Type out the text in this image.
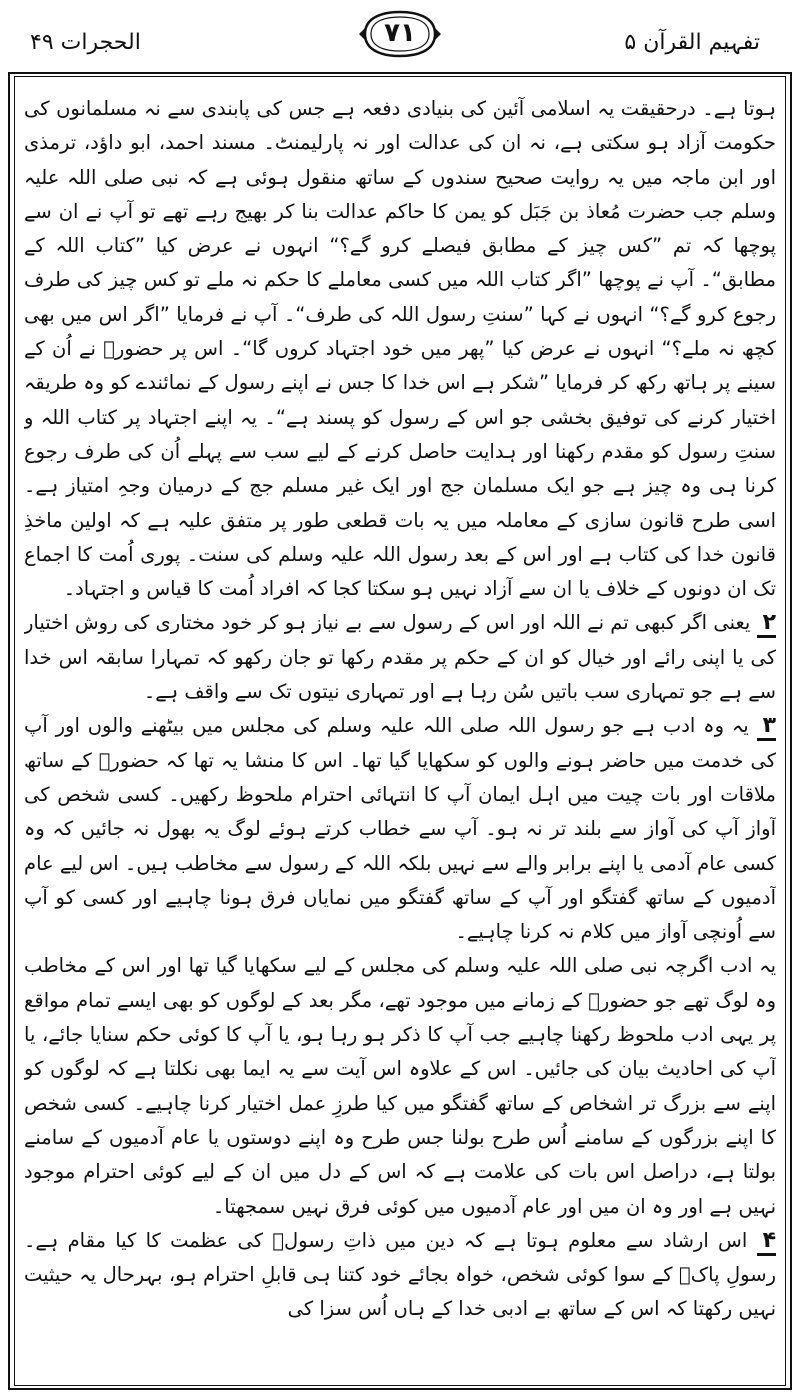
الحجرات ۴۹	۷۱	تفہیم القرآن ۵

ہوتا ہے۔ درحقیقت یہ اسلامی آئین کی بنیادی دفعہ ہے جس کی پابندی سے نہ مسلمانوں کی حکومت آزاد ہو سکتی ہے، نہ ان کی عدالت اور نہ پارلیمنٹ۔ مسند احمد، ابو داؤد، ترمذی اور ابن ماجہ میں یہ روایت صحیح سندوں کے ساتھ منقول ہوئی ہے کہ نبی صلی اللہ علیہ وسلم جب حضرت مُعاذ بن جَبَل کو یمن کا حاکم عدالت بنا کر بھیج رہے تھے تو آپ نے ان سے پوچھا کہ تم ”کس چیز کے مطابق فیصلے کرو گے؟“ انہوں نے عرض کیا ”کتاب اللہ کے مطابق“۔ آپ نے پوچھا ”اگر کتاب اللہ میں کسی معاملے کا حکم نہ ملے تو کس چیز کی طرف رجوع کرو گے؟“ انہوں نے کہا ”سنتِ رسول اللہ کی طرف“۔ آپ نے فرمایا ”اگر اس میں بھی کچھ نہ ملے؟“ انہوں نے عرض کیا ”پھر میں خود اجتہاد کروں گا“۔ اس پر حضورؐ نے اُن کے سینے پر ہاتھ رکھ کر فرمایا ”شکر ہے اس خدا کا جس نے اپنے رسول کے نمائندے کو وہ طریقہ اختیار کرنے کی توفیق بخشی جو اس کے رسول کو پسند ہے“۔ یہ اپنے اجتہاد پر کتاب اللہ و سنتِ رسول کو مقدم رکھنا اور ہدایت حاصل کرنے کے لیے سب سے پہلے اُن کی طرف رجوع کرنا ہی وہ چیز ہے جو ایک مسلمان جج اور ایک غیر مسلم جج کے درمیان وجہِ امتیاز ہے۔ اسی طرح قانون سازی کے معاملہ میں یہ بات قطعی طور پر متفق علیہ ہے کہ اولین ماخذِ قانون خدا کی کتاب ہے اور اس کے بعد رسول اللہ علیہ وسلم کی سنت۔ پوری اُمت کا اجماع تک ان دونوں کے خلاف یا ان سے آزاد نہیں ہو سکتا کجا کہ افراد اُمت کا قیاس و اجتہاد۔

۲ یعنی اگر کبھی تم نے اللہ اور اس کے رسول سے بے نیاز ہو کر خود مختاری کی روش اختیار کی یا اپنی رائے اور خیال کو ان کے حکم پر مقدم رکھا تو جان رکھو کہ تمہارا سابقہ اس خدا سے ہے جو تمہاری سب باتیں سُن رہا ہے اور تمہاری نیتوں تک سے واقف ہے۔

۳ یہ وہ ادب ہے جو رسول اللہ صلی اللہ علیہ وسلم کی مجلس میں بیٹھنے والوں اور آپ کی خدمت میں حاضر ہونے والوں کو سکھایا گیا تھا۔ اس کا منشا یہ تھا کہ حضورؐ کے ساتھ ملاقات اور بات چیت میں اہل ایمان آپ کا انتہائی احترام ملحوظ رکھیں۔ کسی شخص کی آواز آپ کی آواز سے بلند تر نہ ہو۔ آپ سے خطاب کرتے ہوئے لوگ یہ بھول نہ جائیں کہ وہ کسی عام آدمی یا اپنے برابر والے سے نہیں بلکہ اللہ کے رسول سے مخاطب ہیں۔ اس لیے عام آدمیوں کے ساتھ گفتگو اور آپ کے ساتھ گفتگو میں نمایاں فرق ہونا چاہیے اور کسی کو آپ سے اُونچی آواز میں کلام نہ کرنا چاہیے۔

یہ ادب اگرچہ نبی صلی اللہ علیہ وسلم کی مجلس کے لیے سکھایا گیا تھا اور اس کے مخاطب وہ لوگ تھے جو حضورؐ کے زمانے میں موجود تھے، مگر بعد کے لوگوں کو بھی ایسے تمام مواقع پر یہی ادب ملحوظ رکھنا چاہیے جب آپ کا ذکر ہو رہا ہو، یا آپ کا کوئی حکم سنایا جائے، یا آپ کی احادیث بیان کی جائیں۔ اس کے علاوہ اس آیت سے یہ ایما بھی نکلتا ہے کہ لوگوں کو اپنے سے بزرگ تر اشخاص کے ساتھ گفتگو میں کیا طرزِ عمل اختیار کرنا چاہیے۔ کسی شخص کا اپنے بزرگوں کے سامنے اُس طرح بولنا جس طرح وہ اپنے دوستوں یا عام آدمیوں کے سامنے بولتا ہے، دراصل اس بات کی علامت ہے کہ اس کے دل میں ان کے لیے کوئی احترام موجود نہیں ہے اور وہ ان میں اور عام آدمیوں میں کوئی فرق نہیں سمجھتا۔

۴ اس ارشاد سے معلوم ہوتا ہے کہ دین میں ذاتِ رسولؐ کی عظمت کا کیا مقام ہے۔ رسولِ پاکؐ کے سوا کوئی شخص، خواہ بجائے خود کتنا ہی قابلِ احترام ہو، بہرحال یہ حیثیت نہیں رکھتا کہ اس کے ساتھ بے ادبی خدا کے ہاں اُس سزا کی
